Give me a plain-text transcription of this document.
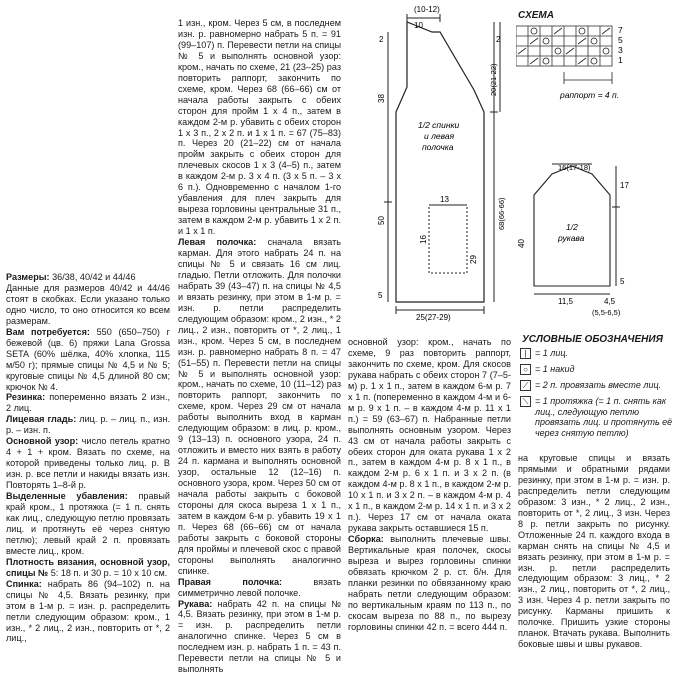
Размеры: 36/38, 40/42 и 44/46

Данные для размеров 40/42 и 44/46 стоят в скобках. Если указано только одно число, то оно относится ко всем размерам.

Вам потребуется: 550 (650–750) г бежевой (цв. 6) пряжи Lana Grossa SETA (60% шёлка, 40% хлопка, 115 м/50 г); прямые спицы № 4,5 и № 5; круговые спицы № 4,5 длиной 80 см; крючок № 4.

Резинка: попеременно вязать 2 изн., 2 лиц.

Лицевая гладь: лиц. р. – лиц. п., изн. р. – изн. п.

Основной узор: число петель кратно 4 + 1 + кром. Вязать по схеме, на которой приведены только лиц. р. В изн. р. все петли и накиды вязать изн. Повторять 1–8-й р.

Выделенные убавления: правый край кром., 1 протяжка (= 1 п. снять как лиц., следующую петлю провязать лиц. и протянуть её через снятую петлю); левый край 2 п. провязать вместе лиц., кром.

Плотность вязания, основной узор, спицы № 5: 18 п. и 30 р. = 10 х 10 см.

Спинка: набрать 86 (94–102) п. на спицы № 4,5. Вязать резинку, при этом в 1-м р. = изн. р. распределить петли следующим образом: кром., 1 изн., * 2 лиц., 2 изн., повторить от *, 2 лиц.,

1 изн., кром. Через 5 см, в последнем изн. р. равномерно набрать 5 п. = 91 (99–107) п. Перевести петли на спицы № 5 и выполнять основной узор: кром., начать по схеме, 21 (23–25) раз повторить раппорт, закончить по схеме, кром. Через 68 (66–66) см от начала работы закрыть с обеих сторон для пройм 1 х 4 п., затем в каждом 2-м р. убавить с обеих сторон 1 х 3 п., 2 х 2 п. и 1 х 1 п. = 67 (75–83) п. Через 20 (21–22) см от начала пройм закрыть с обеих сторон для плечевых скосов 1 х 3 (4–5) п., затем в каждом 2-м р. 3 х 4 п. (3 х 5 п. – 3 х 6 п.). Одновременно с началом 1-го убавления для плеч закрыть для выреза горловины центральные 31 п., затем в каждом 2-м р. убавить 1 х 2 п. и 1 х 1 п.

Левая полочка: сначала вязать карман. Для этого набрать 24 п. на спицы № 5 и связать 16 см лиц. гладью. Петли отложить. Для полочки набрать 39 (43–47) п. на спицы № 4,5 и вязать резинку, при этом в 1-м р. = изн. р. петли распределить следующим образом: кром., 2 изн., * 2 лиц., 2 изн., повторить от *, 2 лиц., 1 изн., кром. Через 5 см, в последнем изн. р. равномерно набрать 8 п. = 47 (51–55) п. Перевести петли на спицы № 5 и выполнять основной узор: кром., начать по схеме, 10 (11–12) раз повторить раппорт, закончить по схеме, кром. Через 29 см от начала работы выполнить вход в карман следующим образом: в лиц. р. кром., 9 (13–13) п. основного узора, 24 п. отложить и вместо них взять в работу 24 п. кармана и выполнять основной узор, остальные 12 (12–16) п. основного узора, кром. Через 50 см от начала работы закрыть с боковой стороны для скоса выреза 1 х 1 п., затем в каждом 6-м р. убавить 19 х 1 п. Через 68 (66–66) см от начала работы закрыть с боковой стороны для проймы и плечевой скос с правой стороны выполнять аналогично спинке.

Правая полочка:	вязать симметрично левой полочке.

Рукава: набрать 42 п. на спицы № 4,5. Вязать резинку, при этом в 1-м р. = изн. р. распределить петли аналогично спинке. Через 5 см в последнем изн. р. набрать 1 п. = 43 п. Перевести петли на спицы № 5 и выполнять

основной узор: кром., начать по схеме, 9 раз повторить раппорт, закончить по схеме, кром. Для скосов рукава набрать с обеих сторон 7 (7–5-м) р. 1 х 1 п., затем в каждом 6-м р. 7 х 1 п. (попеременно в каждом 4-м и 6-м р. 9 х 1 п. – в каждом 4-м р. 11 х 1 п.) = 59 (63–67) п. Набранные петли выполнять основным узором. Через 43 см от начала работы закрыть с обеих сторон для оката рукава 1 х 2 п., затем в каждом 4-м р. 8 х 1 п., в каждом 2-м р. 6 х 1 п. и 3 х 2 п. (в каждом 4-м р. 8 х 1 п., в каждом 2-м р. 10 х 1 п. и 3 х 2 п. – в каждом 4-м р. 4 х 1 п., в каждом 2-м р. 14 х 1 п. и 3 х 2 п.). Через 17 см от начала оката рукава закрыть оставшиеся 15 п.

Сборка: выполнить плечевые швы. Вертикальные края полочек, скосы выреза и вырез горловины спинки обвязать крючком 2 р. ст. б/н. Для планки резинки по обвязанному краю набрать петли следующим образом: по вертикальным краям по 113 п., по скосам выреза по 88 п., по вырезу горловины спинки 42 п. = всего 444 п.

на круговые спицы и вязать прямыми и обратными рядами резинку, при этом в 1-м р. = изн. р. распределить петли следующим образом: 3 изн., * 2 лиц., 2 изн., повторить от *, 2 лиц., 3 изн. Через 8 р. петли закрыть по рисунку. Отложенные 24 п. каждого входа в карман снять на спицы № 4,5 и вязать резинку, при этом в 1-м р. = изн. р. петли распределить следующим образом: 3 лиц., * 2 изн., 2 лиц., повторить от *, 2 лиц., 3 изн. Через 4 р. петли закрыть по рисунку. Карманы пришить к полочке. Пришить узкие стороны планок. Втачать рукава. Выполнить боковые швы и швы рукавов.

(10-12)
10
2	2
38
20(21-22)
50
29
68(66-66)
13
16
5
25(27-29)
1/2 спинки
и левая
полочка
СХЕМА
7
5
3
1
раппорт = 4 п.
16(17-18)
17
40
5
11,5	4,5
(5,5-6,5)
1/2
рукава
УСЛОВНЫЕ ОБОЗНАЧЕНИЯ
| = 1 лиц.
○ = 1 накид
⟋ = 2 п. провязать вместе лиц.
⟍ = 1 протяжка (= 1 п. снять как лиц., следующую петлю провязать лиц. и протянуть её через снятую петлю)
